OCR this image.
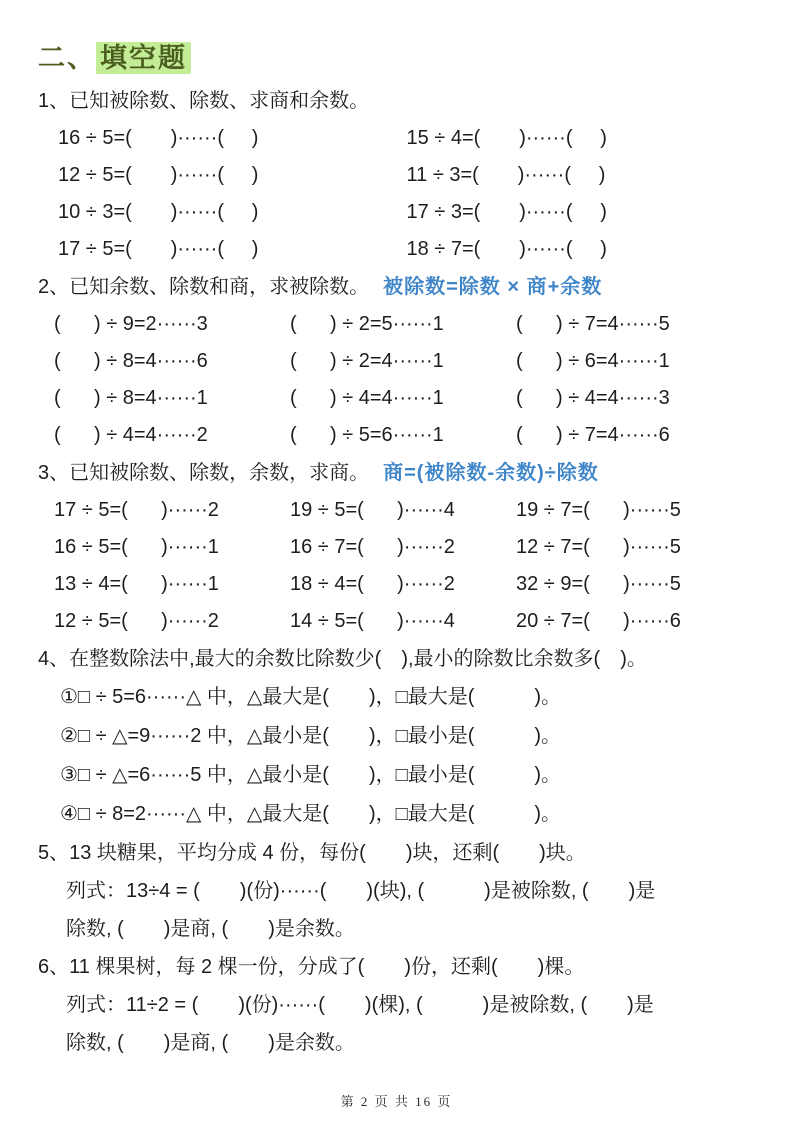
二、 填空题
1、已知被除数、除数、求商和余数。
16 ÷ 5=(       )······(     )	15 ÷ 4=(       )······(     )
12 ÷ 5=(       )······(     )	11 ÷ 3=(       )······(     )
10 ÷ 3=(       )······(     )	17 ÷ 3=(       )······(     )
17 ÷ 5=(       )······(     )	18 ÷ 7=(       )······(     )
2、已知余数、除数和商，求被除数。 被除数=除数 × 商+余数
(      ) ÷ 9=2······3	(      ) ÷ 2=5······1	(      ) ÷ 7=4······5
(      ) ÷ 8=4······6	(      ) ÷ 2=4······1	(      ) ÷ 6=4······1
(      ) ÷ 8=4······1	(      ) ÷ 4=4······1	(      ) ÷ 4=4······3
(      ) ÷ 4=4······2	(      ) ÷ 5=6······1	(      ) ÷ 7=4······6
3、已知被除数、除数，余数，求商。 商=(被除数-余数)÷除数
17 ÷ 5=(      )······2	19 ÷ 5=(      )······4	19 ÷ 7=(      )······5
16 ÷ 5=(      )······1	16 ÷ 7=(      )······2	12 ÷ 7=(      )······5
13 ÷ 4=(      )······1	18 ÷ 4=(      )······2	32 ÷ 9=(      )······5
12 ÷ 5=(      )······2	14 ÷ 5=(      )······4	20 ÷ 7=(      )······6
4、在整数除法中,最大的余数比除数少(　),最小的除数比余数多(　)。
①□ ÷ 5=6······△ 中，△最大是(　　)，□最大是(　　　)。
②□ ÷ △=9······2 中，△最小是(　　)，□最小是(　　　)。
③□ ÷ △=6······5 中，△最小是(　　)，□最小是(　　　)。
④□ ÷ 8=2······△ 中，△最大是(　　)，□最大是(　　　)。
5、13 块糖果，平均分成 4 份，每份(　　)块，还剩(　　)块。
列式：13÷4 = (　　)(份)······(　　)(块), (　　　)是被除数, (　　)是
除数, (　　)是商, (　　)是余数。
6、11 棵果树，每 2 棵一份，分成了(　　)份，还剩(　　)棵。
列式：11÷2 = (　　)(份)······(　　)(棵), (　　　)是被除数, (　　)是
除数, (　　)是商, (　　)是余数。
第 2 页 共 16 页
